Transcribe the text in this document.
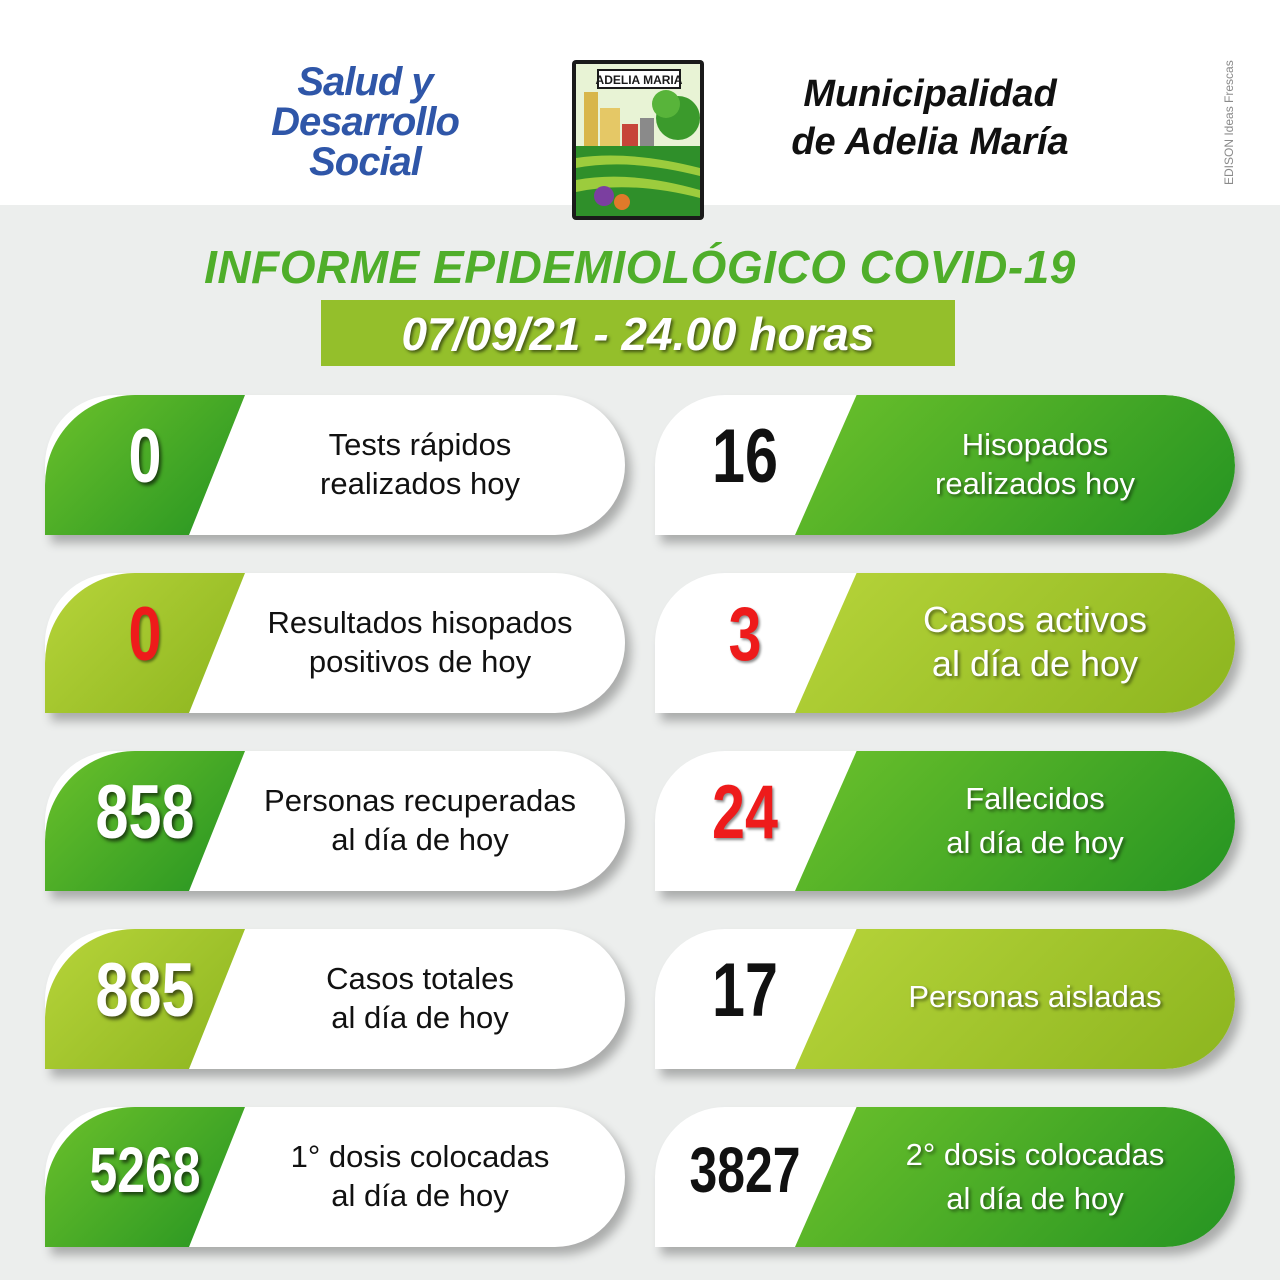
Salud y
Desarrollo
Social
ADELIA MARIA	Municipalidad
de Adelia María	EDISON Ideas Frescas
INFORME EPIDEMIOLÓGICO COVID-19
07/09/21 - 24.00 horas
0	Tests rápidos
realizados hoy	16	Hisopados
realizados hoy
0	Resultados hisopados
positivos de hoy	3	Casos activos
al día de hoy
858	Personas recuperadas
al día de hoy	24	Fallecidos
al día de hoy
885	Casos totales
al día de hoy	17	Personas aisladas
5268	1° dosis colocadas
al día de hoy	3827	2° dosis colocadas
al día de hoy
